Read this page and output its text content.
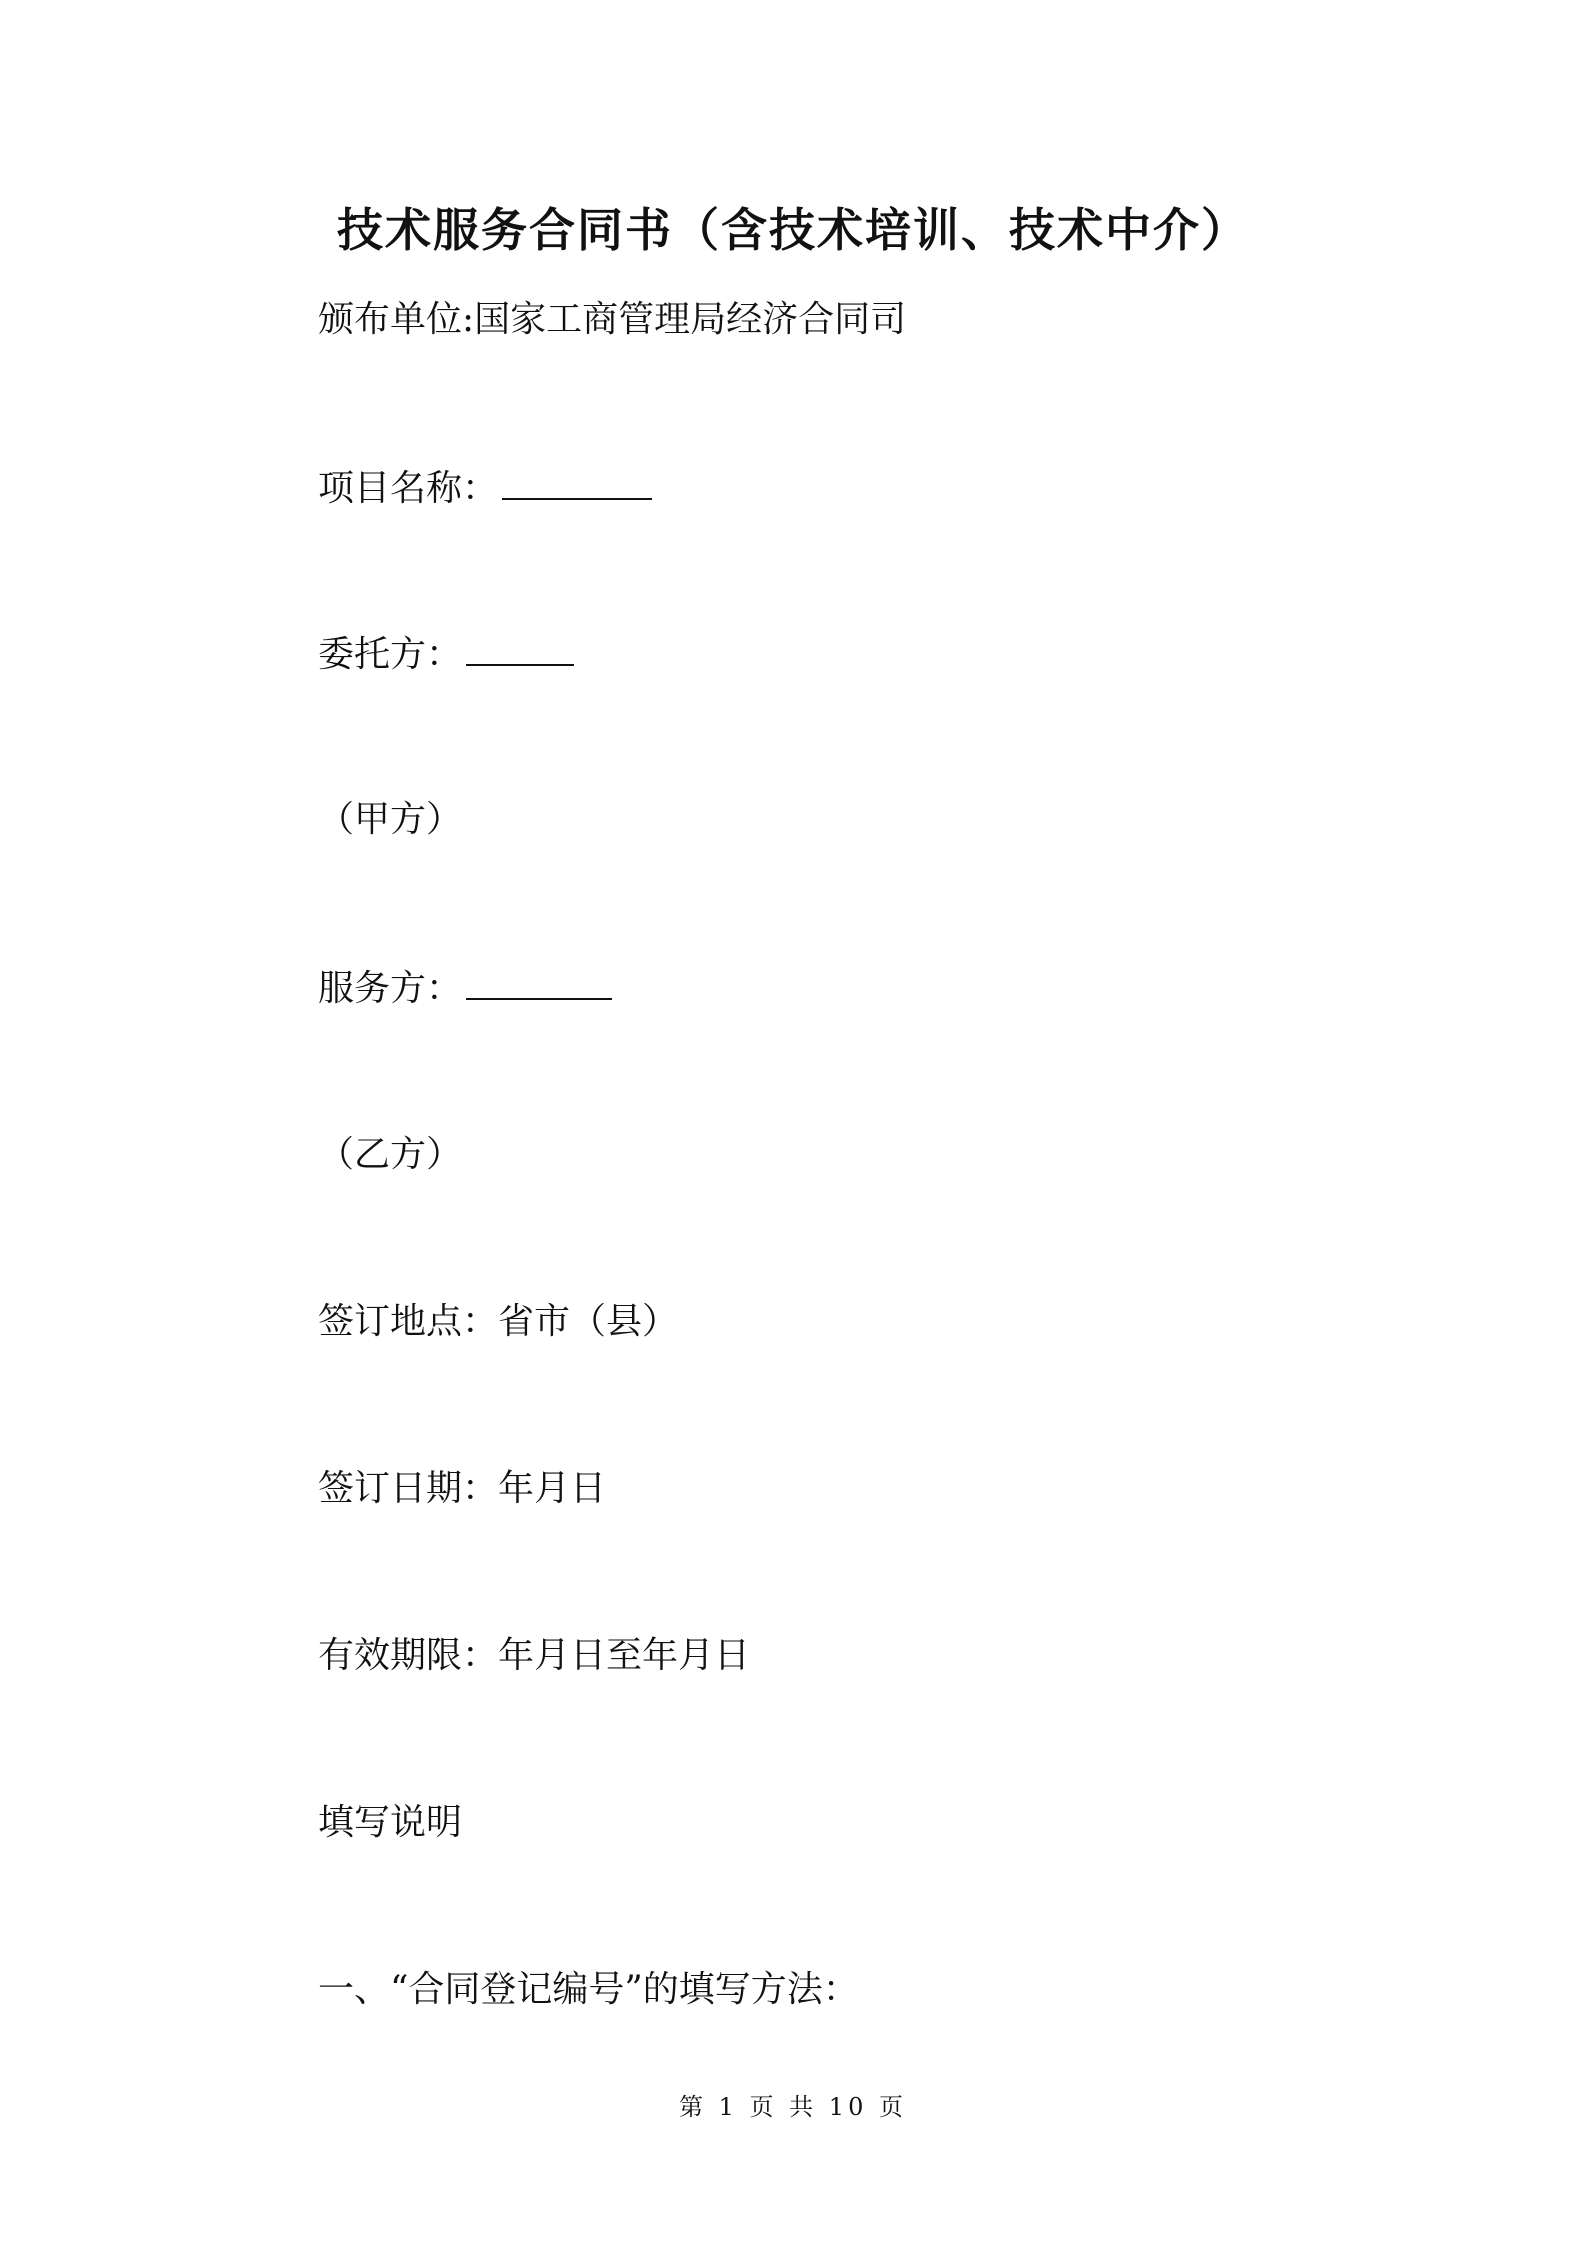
技术服务合同书（含技术培训、技术中介）
颁布单位:国家工商管理局经济合同司
项目名称：
委托方：
（甲方）
服务方：
（乙方）
签订地点：省市（县）
签订日期：年月日
有效期限：年月日至年月日
填写说明
一、“合同登记编号”的填写方法：
第 1 页 共 10 页
